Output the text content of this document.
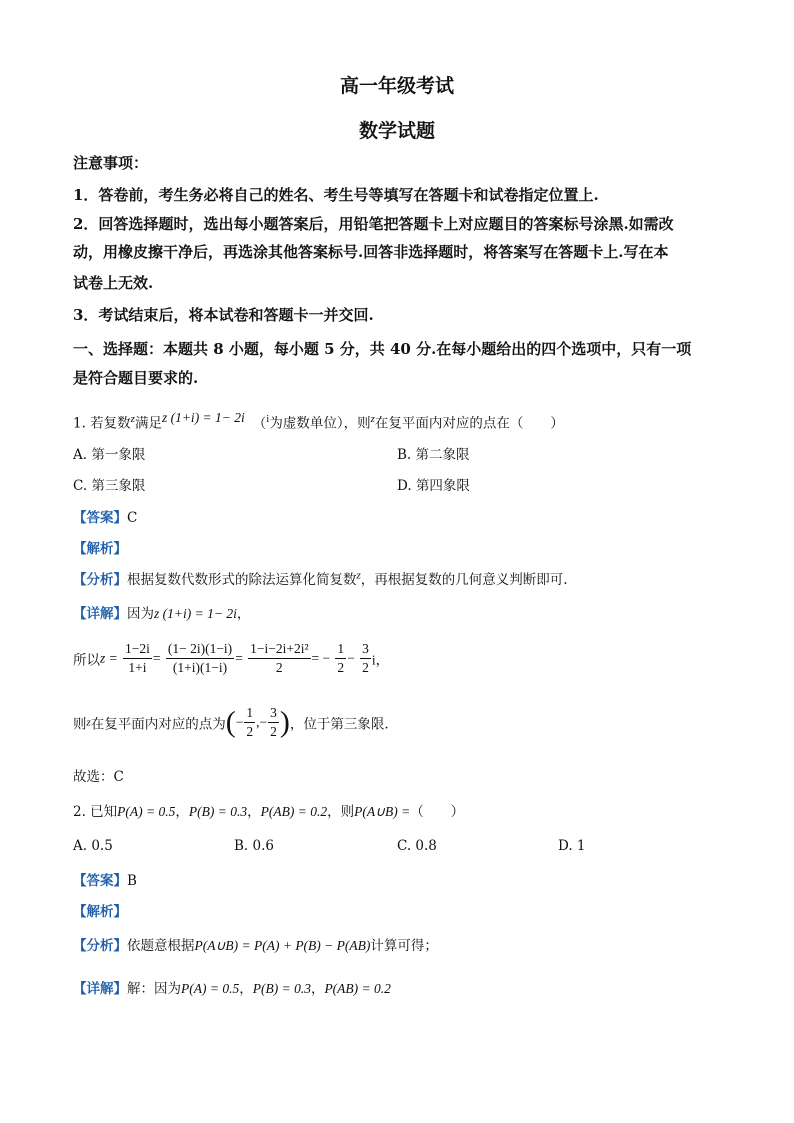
高一年级考试
数学试题
注意事项：
1．答卷前，考生务必将自己的姓名、考生号等填写在答题卡和试卷指定位置上.
2．回答选择题时，选出每小题答案后，用铅笔把答题卡上对应题目的答案标号涂黑.如需改
动，用橡皮擦干净后，再选涂其他答案标号.回答非选择题时，将答案写在答题卡上.写在本
试卷上无效.
3．考试结束后，将本试卷和答题卡一并交回.
一、选择题：本题共 8 小题，每小题 5 分，共 40 分.在每小题给出的四个选项中，只有一项
是符合题目要求的.
1. 若复数$^z$满足z (1+i) = 1− 2i （$^i$为虚数单位），则$^z$在复平面内对应的点在（　　）
A. 第一象限	B. 第二象限
C. 第三象限	D. 第四象限
【答案】C
【解析】
【分析】根据复数代数形式的除法运算化简复数$^z$，再根据复数的几何意义判断即可.
【详解】因为z (1+i) = 1− 2i，
所以$z = \frac{1-2i}{1+i} = \frac{(1- 2i)(1-i)}{(1+i)(1-i)} = \frac{\text{1−i−2i+2i²}}{2}$ = − $\frac{1}{2} - \frac{3}{2}$ i，
则z在复平面内对应的点为(− $\frac{1}{2}$ ,− $\frac{3}{2}$ )，位于第三象限.
故选：C
2. 已知P(A) = 0.5，P(B) = 0.3，P(AB) = 0.2，则P(A∪B) =（　　）
A. 0.5	B. 0.6	C. 0.8	D. 1
【答案】B
【解析】
【分析】依题意根据P(A∪B) = P(A) + P(B) − P(AB)计算可得；
【详解】解：因为P(A) = 0.5，P(B) = 0.3，P(AB) = 0.2
